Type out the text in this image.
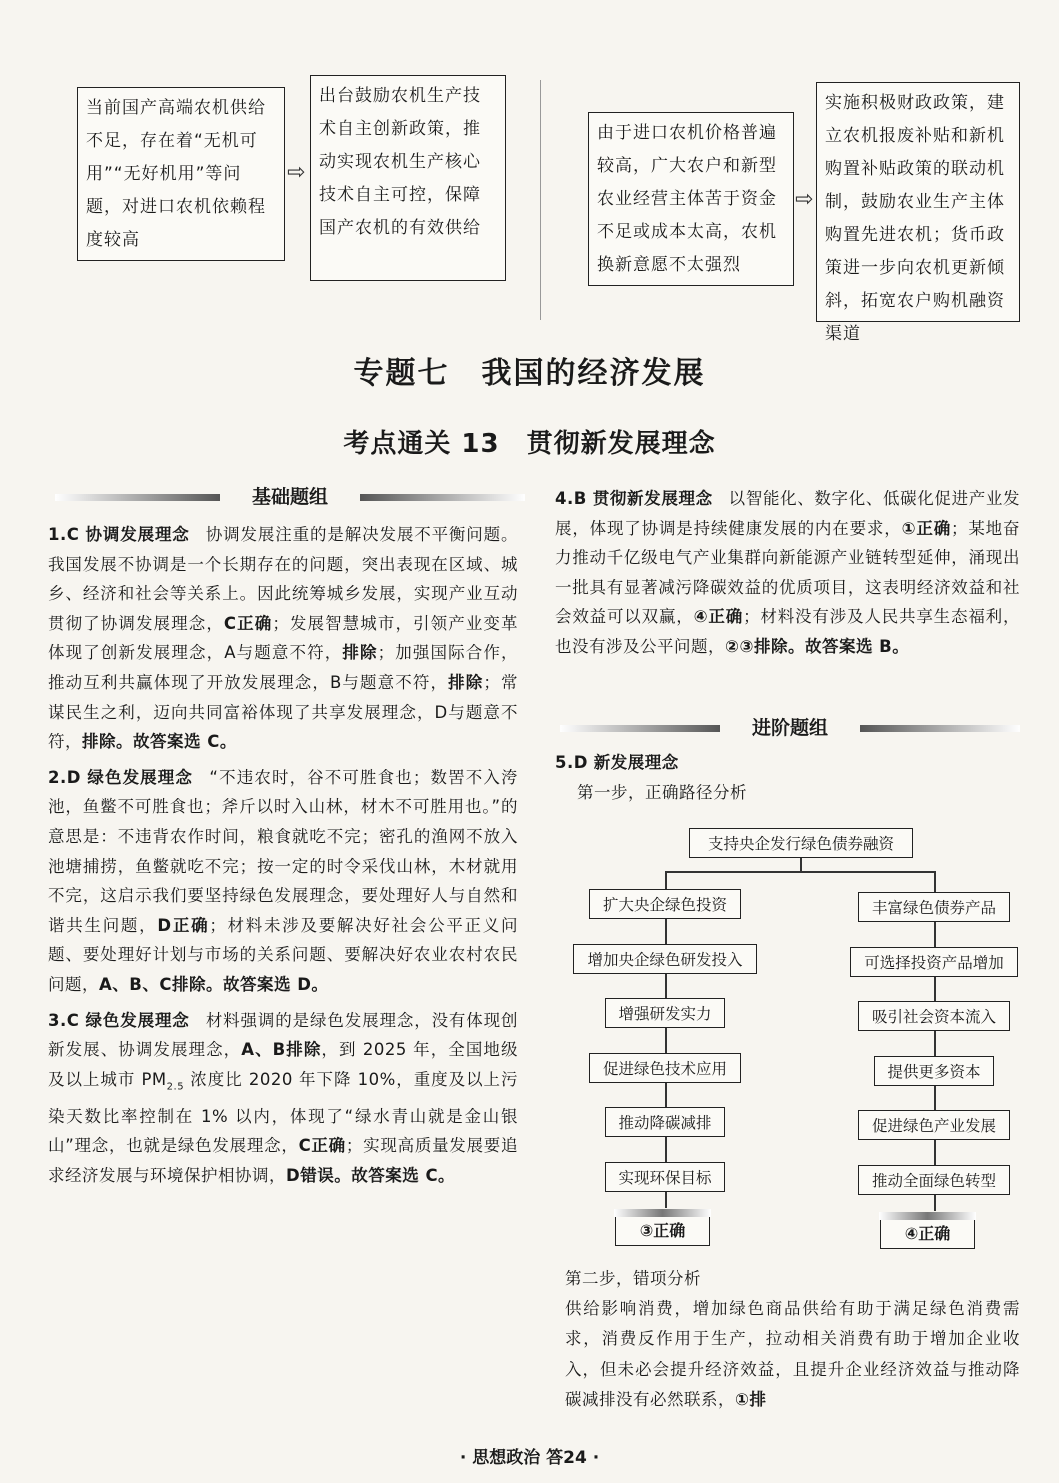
当前国产高端农机供给不足，存在着“无机可用”“无好机用”等问题，对进口农机依赖程度较高
⇨
出台鼓励农机生产技术自主创新政策，推动实现农机生产核心技术自主可控，保障国产农机的有效供给
由于进口农机价格普遍较高，广大农户和新型农业经营主体苦于资金不足或成本太高，农机换新意愿不太强烈
⇨
实施积极财政政策，建立农机报废补贴和新机购置补贴政策的联动机制，鼓励农业生产主体购置先进农机；货币政策进一步向农机更新倾斜，拓宽农户购机融资渠道
专题七　我国的经济发展
考点通关 13　贯彻新发展理念
基础题组

1.C 协调发展理念 协调发展注重的是解决发展不平衡问题。我国发展不协调是一个长期存在的问题，突出表现在区域、城乡、经济和社会等关系上。因此统筹城乡发展，实现产业互动贯彻了协调发展理念，C正确；发展智慧城市，引领产业变革体现了创新发展理念，A与题意不符，排除；加强国际合作，推动互利共赢体现了开放发展理念，B与题意不符，排除；常谋民生之利，迈向共同富裕体现了共享发展理念，D与题意不符，排除。故答案选 C。

2.D 绿色发展理念 “不违农时，谷不可胜食也；数罟不入洿池，鱼鳖不可胜食也；斧斤以时入山林，材木不可胜用也。”的意思是：不违背农作时间，粮食就吃不完；密孔的渔网不放入池塘捕捞，鱼鳖就吃不完；按一定的时令采伐山林，木材就用不完，这启示我们要坚持绿色发展理念，要处理好人与自然和谐共生问题，D正确；材料未涉及要解决好社会公平正义问题、要处理好计划与市场的关系问题、要解决好农业农村农民问题，A、B、C排除。故答案选 D。

3.C 绿色发展理念 材料强调的是绿色发展理念，没有体现创新发展、协调发展理念，A、B排除，到 2025 年，全国地级及以上城市 $PM_{2.5}$ 浓度比 2020 年下降 10%，重度及以上污染天数比率控制在 1% 以内，体现了“绿水青山就是金山银山”理念，也就是绿色发展理念，C正确；实现高质量发展要追求经济发展与环境保护相协调，D错误。故答案选 C。

4.B 贯彻新发展理念 以智能化、数字化、低碳化促进产业发展，体现了协调是持续健康发展的内在要求，①正确；某地奋力推动千亿级电气产业集群向新能源产业链转型延伸，涌现出一批具有显著减污降碳效益的优质项目，这表明经济效益和社会效益可以双赢，④正确；材料没有涉及人民共享生态福利，也没有涉及公平问题，②③排除。故答案选 B。

进阶题组

5.D 新发展理念

第一步，正确路径分析

支持央企发行绿色债券融资
扩大央企绿色投资
增加央企绿色研发投入
增强研发实力
促进绿色技术应用
推动降碳减排
实现环保目标
丰富绿色债券产品
可选择投资产品增加
吸引社会资本流入
提供更多资本
促进绿色产业发展
推动全面绿色转型
③正确	④正确

第二步，错项分析

供给影响消费，增加绿色商品供给有助于满足绿色消费需求，消费反作用于生产，拉动相关消费有助于增加企业收入，但未必会提升经济效益，且提升企业经济效益与推动降碳减排没有必然联系，①排

· 思想政治 答24 ·
